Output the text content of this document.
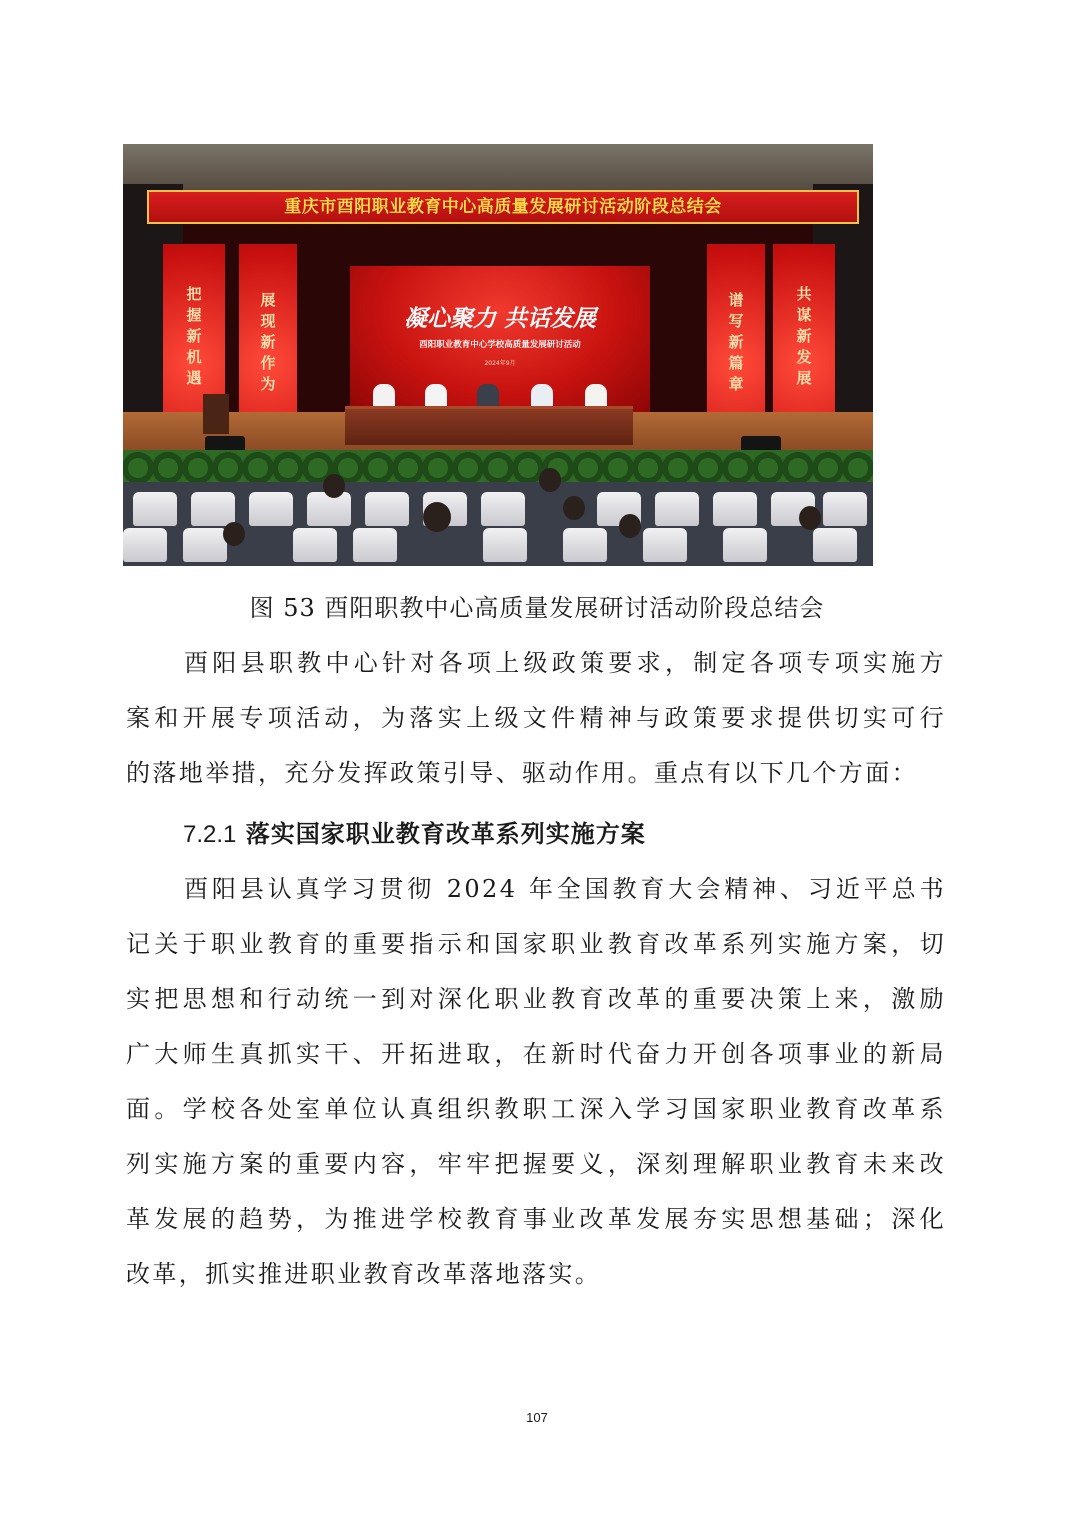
重庆市酉阳职业教育中心高质量发展研讨活动阶段总结会
把
握
新
机
遇
展
现
新
作
为
谱
写
新
篇
章
共
谋
新
发
展
凝心聚力 共话发展
酉阳职业教育中心学校高质量发展研讨活动
2024年9月
图 53 酉阳职教中心高质量发展研讨活动阶段总结会

酉阳县职教中心针对各项上级政策要求，制定各项专项实施方
案和开展专项活动，为落实上级文件精神与政策要求提供切实可行
的落地举措，充分发挥政策引导、驱动作用。重点有以下几个方面：

7.2.1 落实国家职业教育改革系列实施方案

酉阳县认真学习贯彻 2024 年全国教育大会精神、习近平总书
记关于职业教育的重要指示和国家职业教育改革系列实施方案，切
实把思想和行动统一到对深化职业教育改革的重要决策上来，激励
广大师生真抓实干、开拓进取，在新时代奋力开创各项事业的新局
面。学校各处室单位认真组织教职工深入学习国家职业教育改革系
列实施方案的重要内容，牢牢把握要义，深刻理解职业教育未来改
革发展的趋势，为推进学校教育事业改革发展夯实思想基础；深化
改革，抓实推进职业教育改革落地落实。

107
